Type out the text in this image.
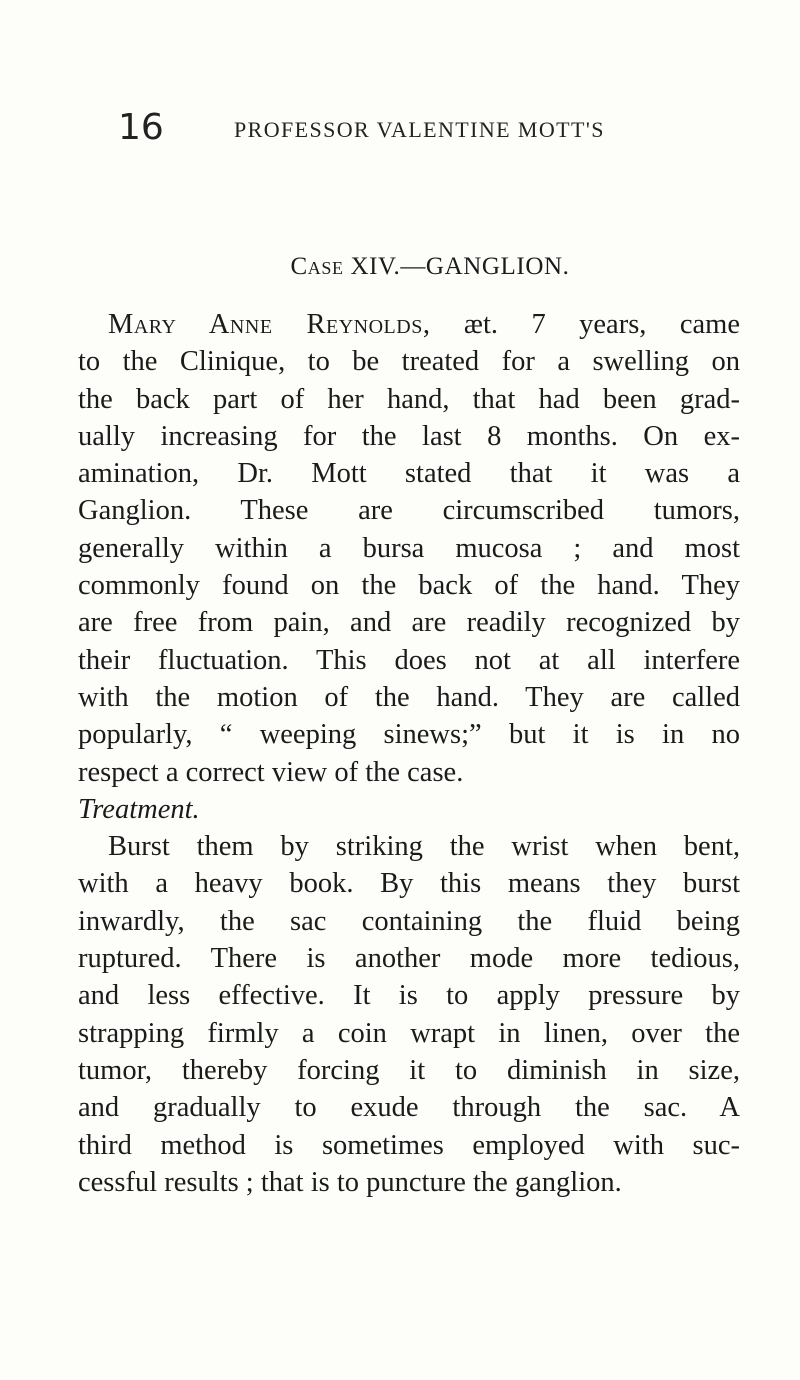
16	PROFESSOR VALENTINE MOTT'S
Case XIV.—GANGLION.
Mary Anne Reynolds, æt. 7 years, came
to the Clinique, to be treated for a swelling on
the back part of her hand, that had been grad-
ually increasing for the last 8 months. On ex-
amination, Dr. Mott stated that it was a
Ganglion. These are circumscribed tumors,
generally within a bursa mucosa ; and most
commonly found on the back of the hand. They
are free from pain, and are readily recognized by
their fluctuation. This does not at all interfere
with the motion of the hand. They are called
popularly, “ weeping sinews;” but it is in no
respect a correct view of the case.
Treatment.
Burst them by striking the wrist when bent,
with a heavy book. By this means they burst
inwardly, the sac containing the fluid being
ruptured. There is another mode more tedious,
and less effective. It is to apply pressure by
strapping firmly a coin wrapt in linen, over the
tumor, thereby forcing it to diminish in size,
and gradually to exude through the sac. A
third method is sometimes employed with suc-
cessful results ; that is to puncture the ganglion.
